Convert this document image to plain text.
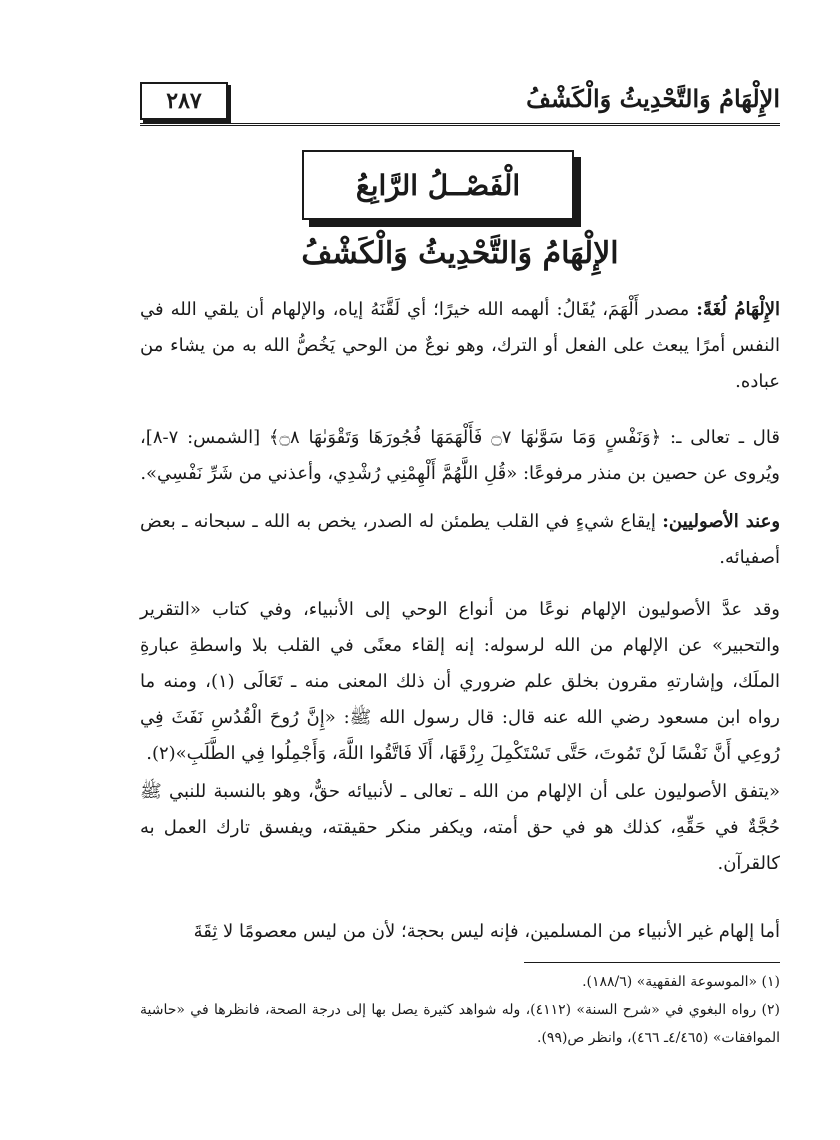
الإِلْهَامُ وَالتَّحْدِيثُ وَالْكَشْفُ
٢٨٧
الْفَصْــلُ الرَّابِعُ
الإِلْهَامُ وَالتَّحْدِيثُ وَالْكَشْفُ
الإِلْهَامُ لُغَةً: مصدر أَلْهَمَ، يُقَالُ: ألهمه الله خيرًا؛ أي لَقَّنَهُ إياه، والإلهام أن يلقي الله في النفس أمرًا يبعث على الفعل أو الترك، وهو نوعٌ من الوحي يَخُصُّ الله به من يشاء من عباده.
قال ـ تعالى ـ: ﴿وَنَفْسٍ وَمَا سَوَّىٰهَا ۝٧ فَأَلْهَمَهَا فُجُورَهَا وَتَقْوَىٰهَا ۝٨﴾ [الشمس: ٧-٨]، ويُروى عن حصين بن منذر مرفوعًا: «قُلِ اللَّهُمَّ أَلْهِمْنِي رُشْدِي، وأعذني من شَرِّ نَفْسِي».
وعند الأصوليين: إيقاع شيءٍ في القلب يطمئن له الصدر، يخص به الله ـ سبحانه ـ بعض أصفيائه.
وقد عدَّ الأصوليون الإلهام نوعًا من أنواع الوحي إلى الأنبياء، وفي كتاب «التقرير والتحبير» عن الإلهام من الله لرسوله: إنه إلقاء معنًى في القلب بلا واسطةِ عبارةِ الملَك، وإشارتهِ مقرون بخلق علم ضروري أن ذلك المعنى منه ـ تَعَالَى (١)، ومنه ما رواه ابن مسعود رضي الله عنه قال: قال رسول الله ﷺ: «إِنَّ رُوحَ الْقُدُسِ نَفَثَ فِي رُوعِي أَنَّ نَفْسًا لَنْ تَمُوتَ، حَتَّى تَسْتَكْمِلَ رِزْقَهَا، أَلَا فَاتَّقُوا اللَّهَ، وَأَجْمِلُوا فِي الطَّلَبِ»(٢).
«يتفق الأصوليون على أن الإلهام من الله ـ تعالى ـ لأنبيائه حقٌّ، وهو بالنسبة للنبي ﷺ حُجَّةٌ في حَقِّهِ، كذلك هو في حق أمته، ويكفر منكر حقيقته، ويفسق تارك العمل به كالقرآن.
أما إلهام غير الأنبياء من المسلمين، فإنه ليس بحجة؛ لأن من ليس معصومًا لا ثِقَةَ
(١) «الموسوعة الفقهية» (١٨٨/٦).
(٢) رواه البغوي في «شرح السنة» (٤١١٢)، وله شواهد كثيرة يصل بها إلى درجة الصحة، فانظرها في «حاشية الموافقات» (٤/٤٦٥ـ ٤٦٦)، وانظر ص(٩٩).
